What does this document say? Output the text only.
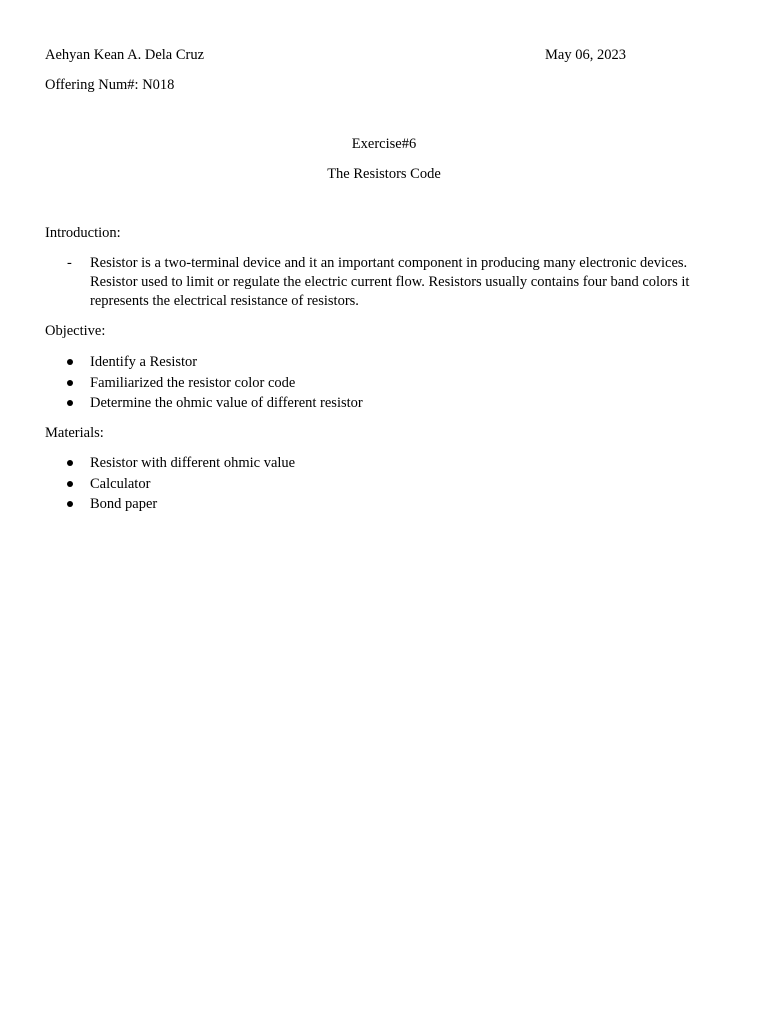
Aehyan Kean A. Dela Cruz	May 06, 2023
Offering Num#: N018
Exercise#6
The Resistors Code
Introduction:
- Resistor is a two-terminal device and it an important component in producing many electronic devices. Resistor used to limit or regulate the electric current flow. Resistors usually contains four band colors it represents the electrical resistance of resistors.
Objective:
Identify a Resistor
Familiarized the resistor color code
Determine the ohmic value of different resistor
Materials:
Resistor with different ohmic value
Calculator
Bond paper
